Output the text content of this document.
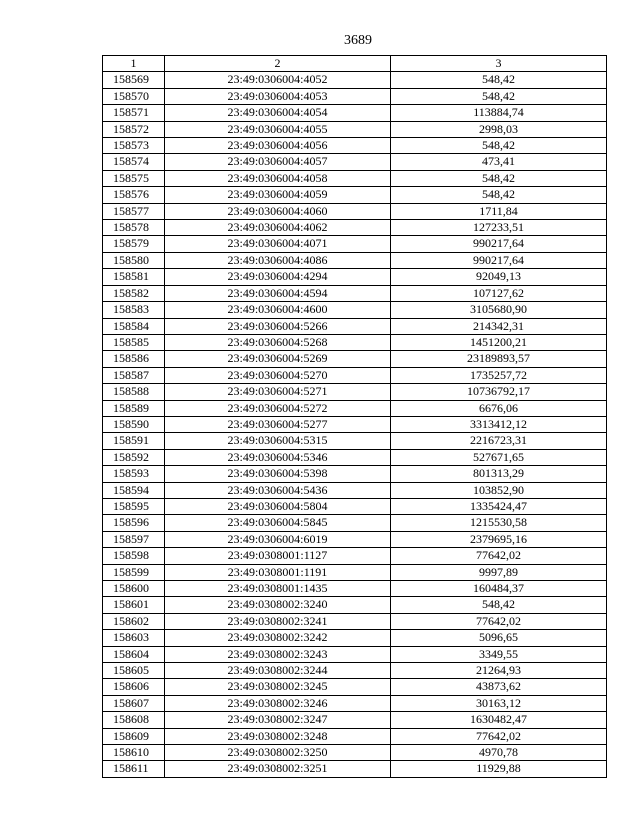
3689
1	2	3
158569	23:49:0306004:4052	548,42
158570	23:49:0306004:4053	548,42
158571	23:49:0306004:4054	113884,74
158572	23:49:0306004:4055	2998,03
158573	23:49:0306004:4056	548,42
158574	23:49:0306004:4057	473,41
158575	23:49:0306004:4058	548,42
158576	23:49:0306004:4059	548,42
158577	23:49:0306004:4060	1711,84
158578	23:49:0306004:4062	127233,51
158579	23:49:0306004:4071	990217,64
158580	23:49:0306004:4086	990217,64
158581	23:49:0306004:4294	92049,13
158582	23:49:0306004:4594	107127,62
158583	23:49:0306004:4600	3105680,90
158584	23:49:0306004:5266	214342,31
158585	23:49:0306004:5268	1451200,21
158586	23:49:0306004:5269	23189893,57
158587	23:49:0306004:5270	1735257,72
158588	23:49:0306004:5271	10736792,17
158589	23:49:0306004:5272	6676,06
158590	23:49:0306004:5277	3313412,12
158591	23:49:0306004:5315	2216723,31
158592	23:49:0306004:5346	527671,65
158593	23:49:0306004:5398	801313,29
158594	23:49:0306004:5436	103852,90
158595	23:49:0306004:5804	1335424,47
158596	23:49:0306004:5845	1215530,58
158597	23:49:0306004:6019	2379695,16
158598	23:49:0308001:1127	77642,02
158599	23:49:0308001:1191	9997,89
158600	23:49:0308001:1435	160484,37
158601	23:49:0308002:3240	548,42
158602	23:49:0308002:3241	77642,02
158603	23:49:0308002:3242	5096,65
158604	23:49:0308002:3243	3349,55
158605	23:49:0308002:3244	21264,93
158606	23:49:0308002:3245	43873,62
158607	23:49:0308002:3246	30163,12
158608	23:49:0308002:3247	1630482,47
158609	23:49:0308002:3248	77642,02
158610	23:49:0308002:3250	4970,78
158611	23:49:0308002:3251	11929,88
